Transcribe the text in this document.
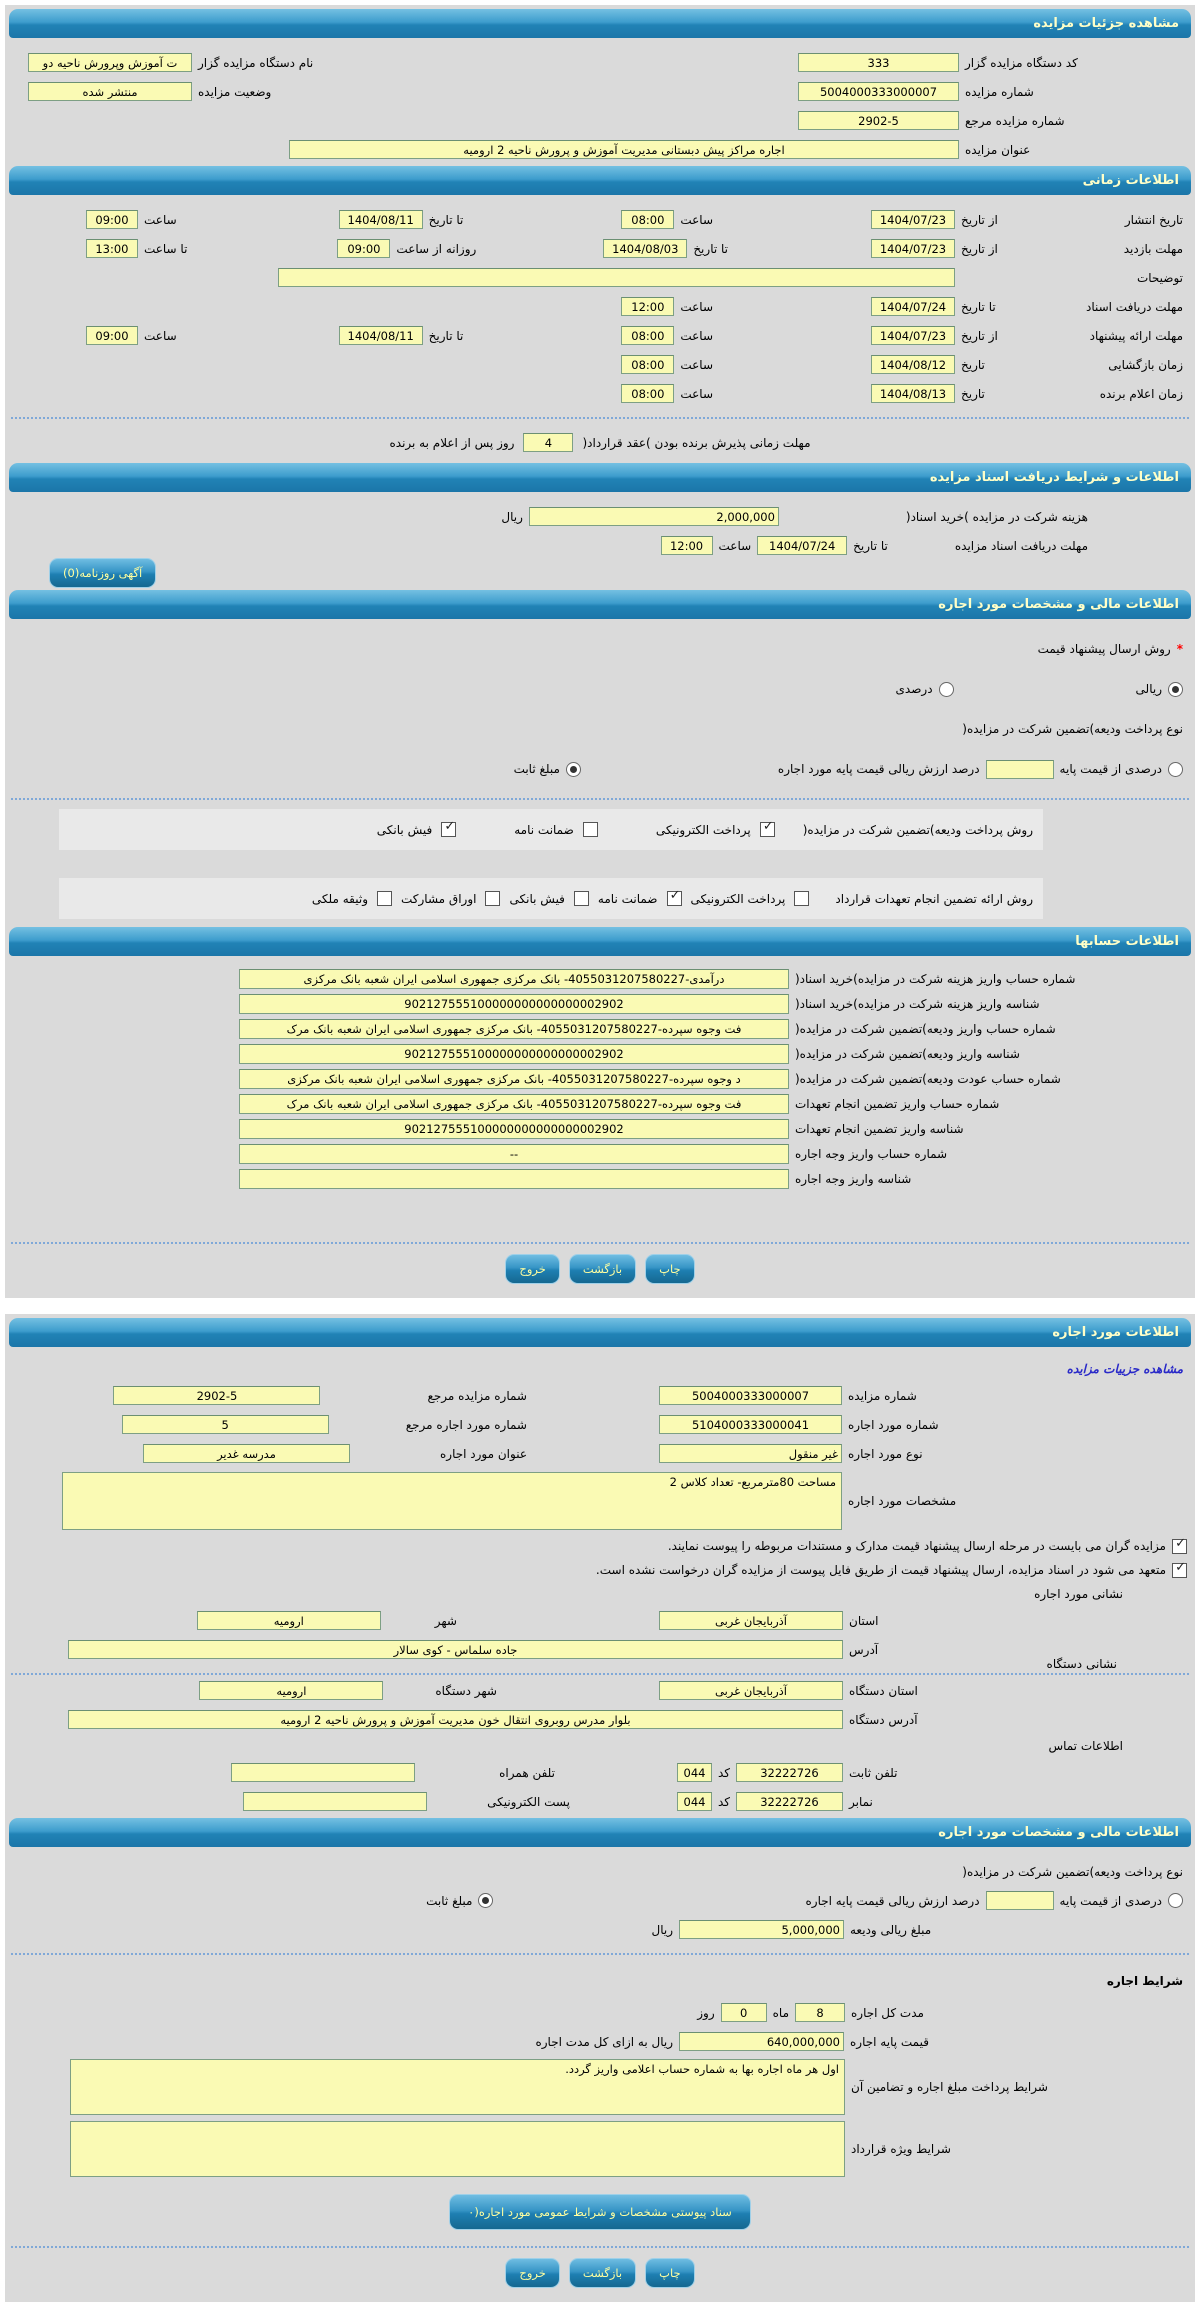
مشاهده جزئیات مزایده
کد دستگاه مزایده گزار
333
نام دستگاه مزایده گزار
ت آموزش وپرورش ناحیه دو
شماره مزایده
5004000333000007
وضعیت مزایده
منتشر شده
شماره مزایده مرجع
2902-5
عنوان مزایده
اجاره مراکز پیش دبستانی مدیریت آموزش و پرورش ناحیه 2 ارومیه
اطلاعات زمانی
تاریخ انتشار
از تاریخ
1404/07/23
ساعت
08:00
تا تاریخ
1404/08/11
ساعت
09:00
مهلت بازدید
از تاریخ
1404/07/23
تا تاریخ
1404/08/03
روزانه از ساعت
09:00
تا ساعت
13:00
توضیحات
مهلت دریافت اسناد
تا تاریخ
1404/07/24
ساعت
12:00
مهلت ارائه پیشنهاد
از تاریخ
1404/07/23
ساعت
08:00
تا تاریخ
1404/08/11
ساعت
09:00
زمان بازگشایی
تاریخ
1404/08/12
ساعت
08:00
زمان اعلام برنده
تاریخ
1404/08/13
ساعت
08:00
مهلت زمانی پذیرش برنده بودن )عقد قرارداد(
4
روز پس از اعلام به برنده
اطلاعات و شرایط دریافت اسناد مزایده
هزینه شرکت در مزایده )خرید اسناد(
2,000,000
ریال
مهلت دریافت اسناد مزایده
تا تاریخ
1404/07/24
ساعت
12:00
آگهی روزنامه(0)
اطلاعات مالی و مشخصات مورد اجاره
*
روش ارسال پیشنهاد قیمت
ریالی
درصدی
نوع پرداخت ودیعه)تضمین شرکت در مزایده(
درصدی از قیمت پایه
درصد ارزش ریالی قیمت پایه مورد اجاره
مبلغ ثابت
روش پرداخت ودیعه)تضمین شرکت در مزایده(
✓
پرداخت الکترونیکی
ضمانت نامه
✓
فیش بانکی
روش ارائه تضمین انجام تعهدات قرارداد
پرداخت الکترونیکی
✓
ضمانت نامه
فیش بانکی
اوراق مشارکت
وثیقه ملکی
اطلاعات حسابها
شماره حساب واریز هزینه شرکت در مزایده)خرید اسناد(
درآمدی-4055031207580227- بانک مرکزی جمهوری اسلامی ایران شعبه بانک مرکزی
شناسه واریز هزینه شرکت در مزایده)خرید اسناد(
902127555100000000000000002902
شماره حساب واریز ودیعه)تضمین شرکت در مزایده(
فت وجوه سپرده-4055031207580227- بانک مرکزی جمهوری اسلامی ایران شعبه بانک مرک
شناسه واریز ودیعه)تضمین شرکت در مزایده(
902127555100000000000000002902
شماره حساب عودت ودیعه)تضمین شرکت در مزایده(
د وجوه سپرده-4055031207580227- بانک مرکزی جمهوری اسلامی ایران شعبه بانک مرکزی
شماره حساب واریز تضمین انجام تعهدات
فت وجوه سپرده-4055031207580227- بانک مرکزی جمهوری اسلامی ایران شعبه بانک مرک
شناسه واریز تضمین انجام تعهدات
902127555100000000000000002902
شماره حساب واریز وجه اجاره
--
شناسه واریز وجه اجاره
چاپ
بازگشت
خروج
اطلاعات مورد اجاره
مشاهده جزییات مزایده
شماره مزایده
5004000333000007
شماره مزایده مرجع
2902-5
شماره مورد اجاره
5104000333000041
شماره مورد اجاره مرجع
5
نوع مورد اجاره
غیر منقول
عنوان مورد اجاره
مدرسه غدیر
مشخصات مورد اجاره
مساحت 80مترمربع- تعداد کلاس 2
✓
مزایده گران می بایست در مرحله ارسال پیشنهاد قیمت مدارک و مستندات مربوطه را پیوست نمایند.
✓
متعهد می شود در اسناد مزایده، ارسال پیشنهاد قیمت از طریق فایل پیوست از مزایده گران درخواست نشده است.
نشانی مورد اجاره
استان
آذربایجان غربی
شهر
ارومیه
آدرس
جاده سلماس - کوی سالار
نشانی دستگاه
استان دستگاه
آذربایجان غربی
شهر دستگاه
ارومیه
آدرس دستگاه
بلوار مدرس روبروی انتقال خون مدیریت آموزش و پرورش ناحیه 2 ارومیه
اطلاعات تماس
تلفن ثابت
32222726
کد
044
تلفن همراه
نمابر
32222726
کد
044
پست الکترونیکی
اطلاعات مالی و مشخصات مورد اجاره
نوع پرداخت ودیعه)تضمین شرکت در مزایده(
درصدی از قیمت پایه
درصد ارزش ریالی قیمت پایه اجاره
مبلغ ثابت
مبلغ ریالی ودیعه
5,000,000
ریال
شرایط اجاره
مدت کل اجاره
8
ماه
0
روز
قیمت پایه اجاره
640,000,000
ریال به ازای کل مدت اجاره
شرایط پرداخت مبلغ اجاره و تضامین آن
اول هر ماه اجاره بها به شماره حساب اعلامی واریز گردد.
شرایط ویژه قرارداد
سناد پیوستی مشخصات و شرایط عمومی مورد اجاره(۰
چاپ
بازگشت
خروج
